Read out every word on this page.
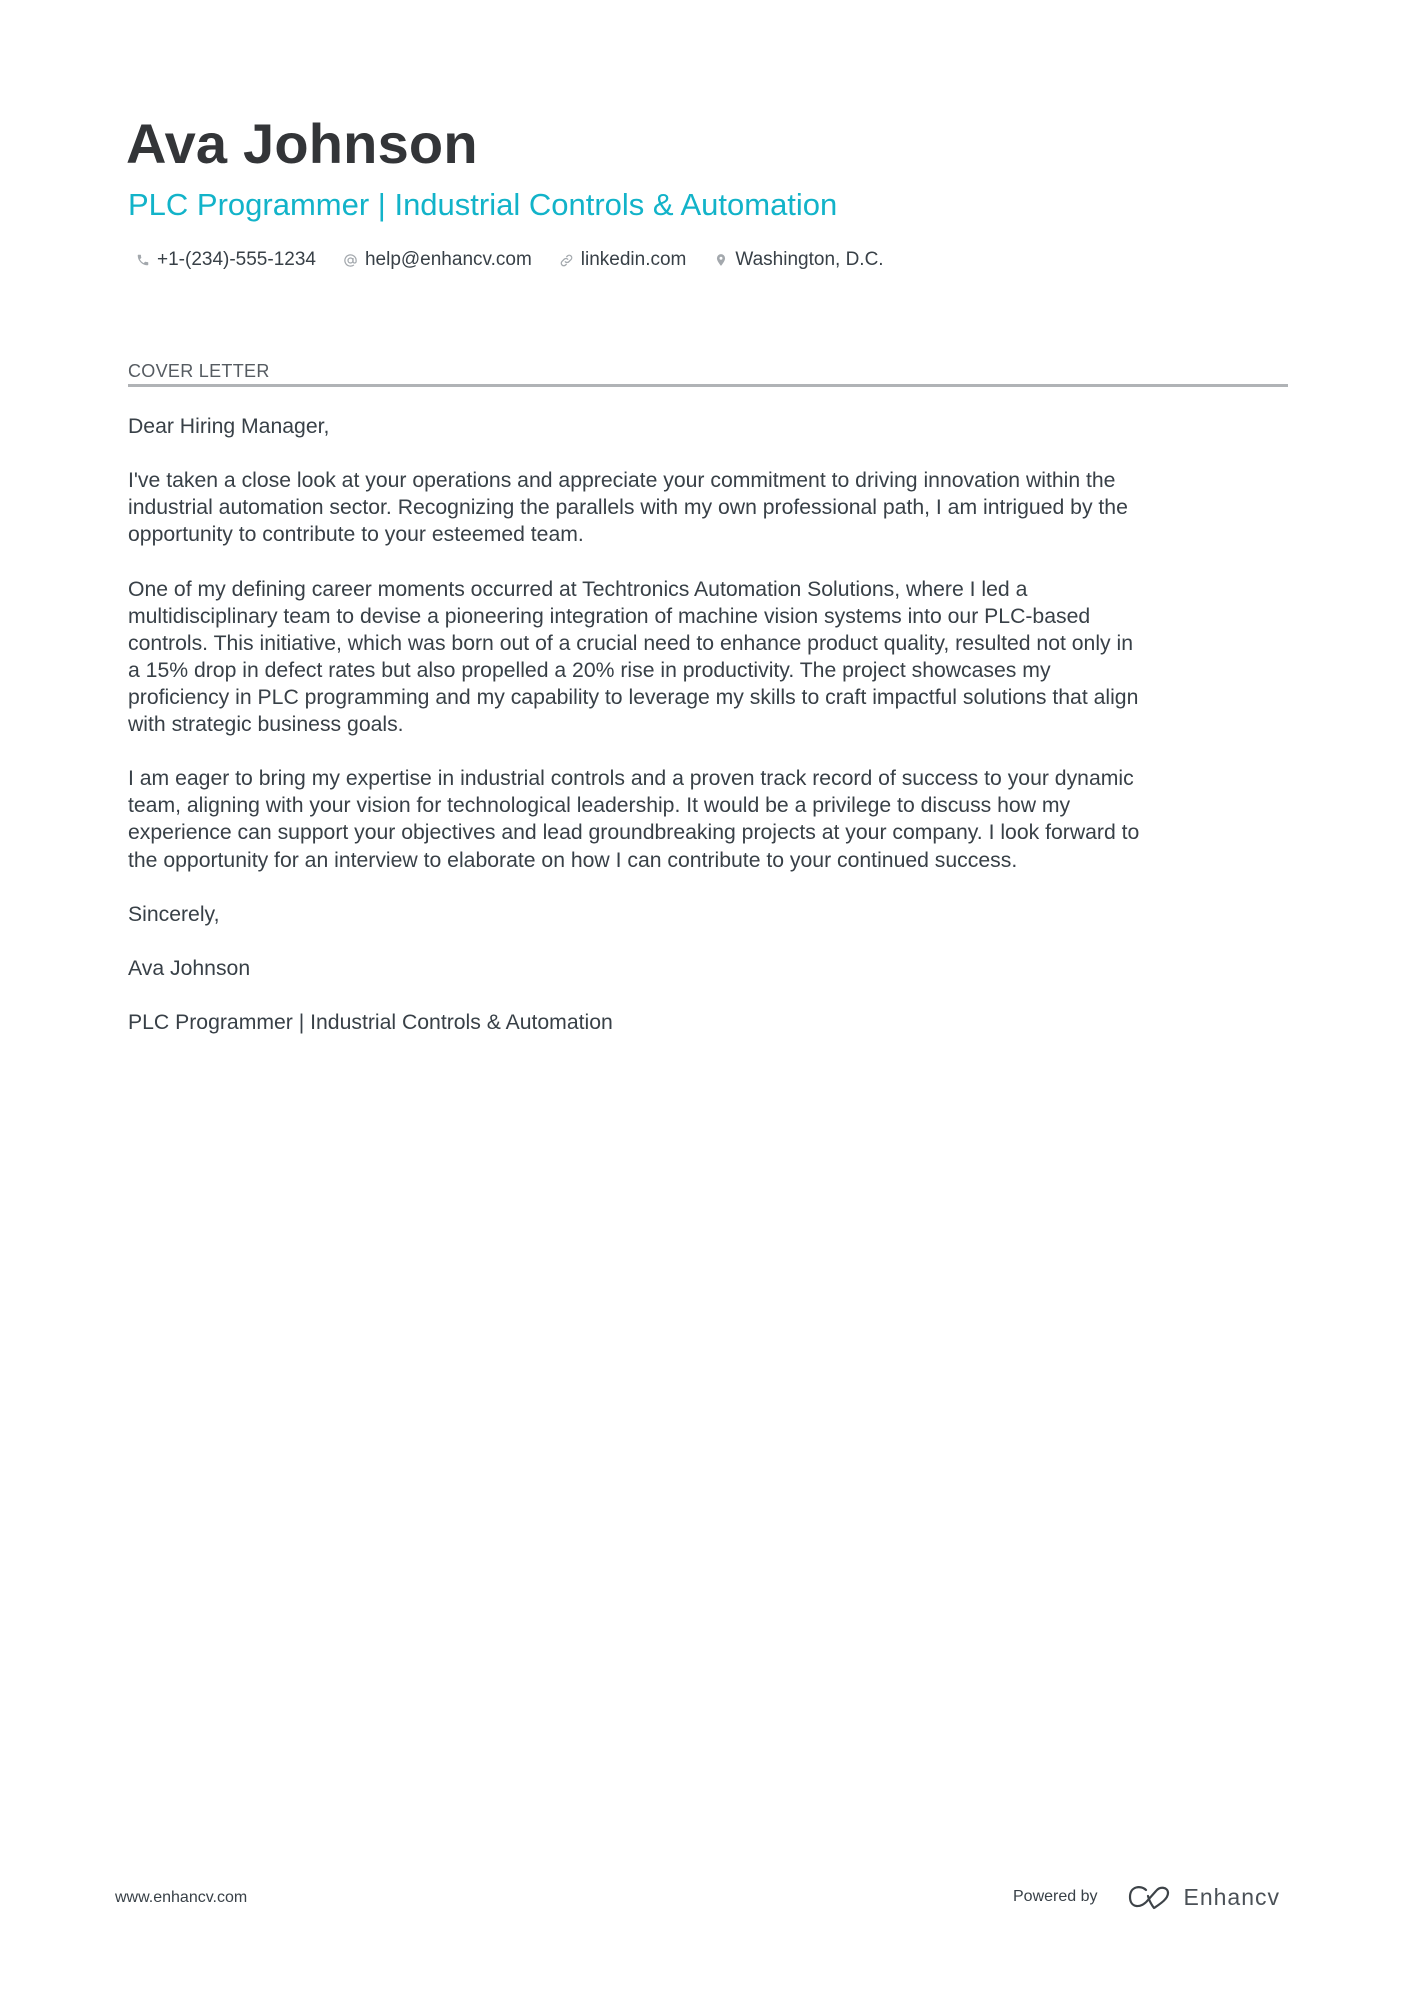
Ava Johnson
PLC Programmer | Industrial Controls & Automation
+1-(234)-555-1234	help@enhancv.com	linkedin.com	Washington, D.C.
COVER LETTER

Dear Hiring Manager,

I've taken a close look at your operations and appreciate your commitment to driving innovation within the
industrial automation sector. Recognizing the parallels with my own professional path, I am intrigued by the
opportunity to contribute to your esteemed team.

One of my defining career moments occurred at Techtronics Automation Solutions, where I led a
multidisciplinary team to devise a pioneering integration of machine vision systems into our PLC-based
controls. This initiative, which was born out of a crucial need to enhance product quality, resulted not only in
a 15% drop in defect rates but also propelled a 20% rise in productivity. The project showcases my
proficiency in PLC programming and my capability to leverage my skills to craft impactful solutions that align
with strategic business goals.

I am eager to bring my expertise in industrial controls and a proven track record of success to your dynamic
team, aligning with your vision for technological leadership. It would be a privilege to discuss how my
experience can support your objectives and lead groundbreaking projects at your company. I look forward to
the opportunity for an interview to elaborate on how I can contribute to your continued success.

Sincerely,

Ava Johnson

PLC Programmer | Industrial Controls & Automation

www.enhancv.com	Powered by	Enhancv
